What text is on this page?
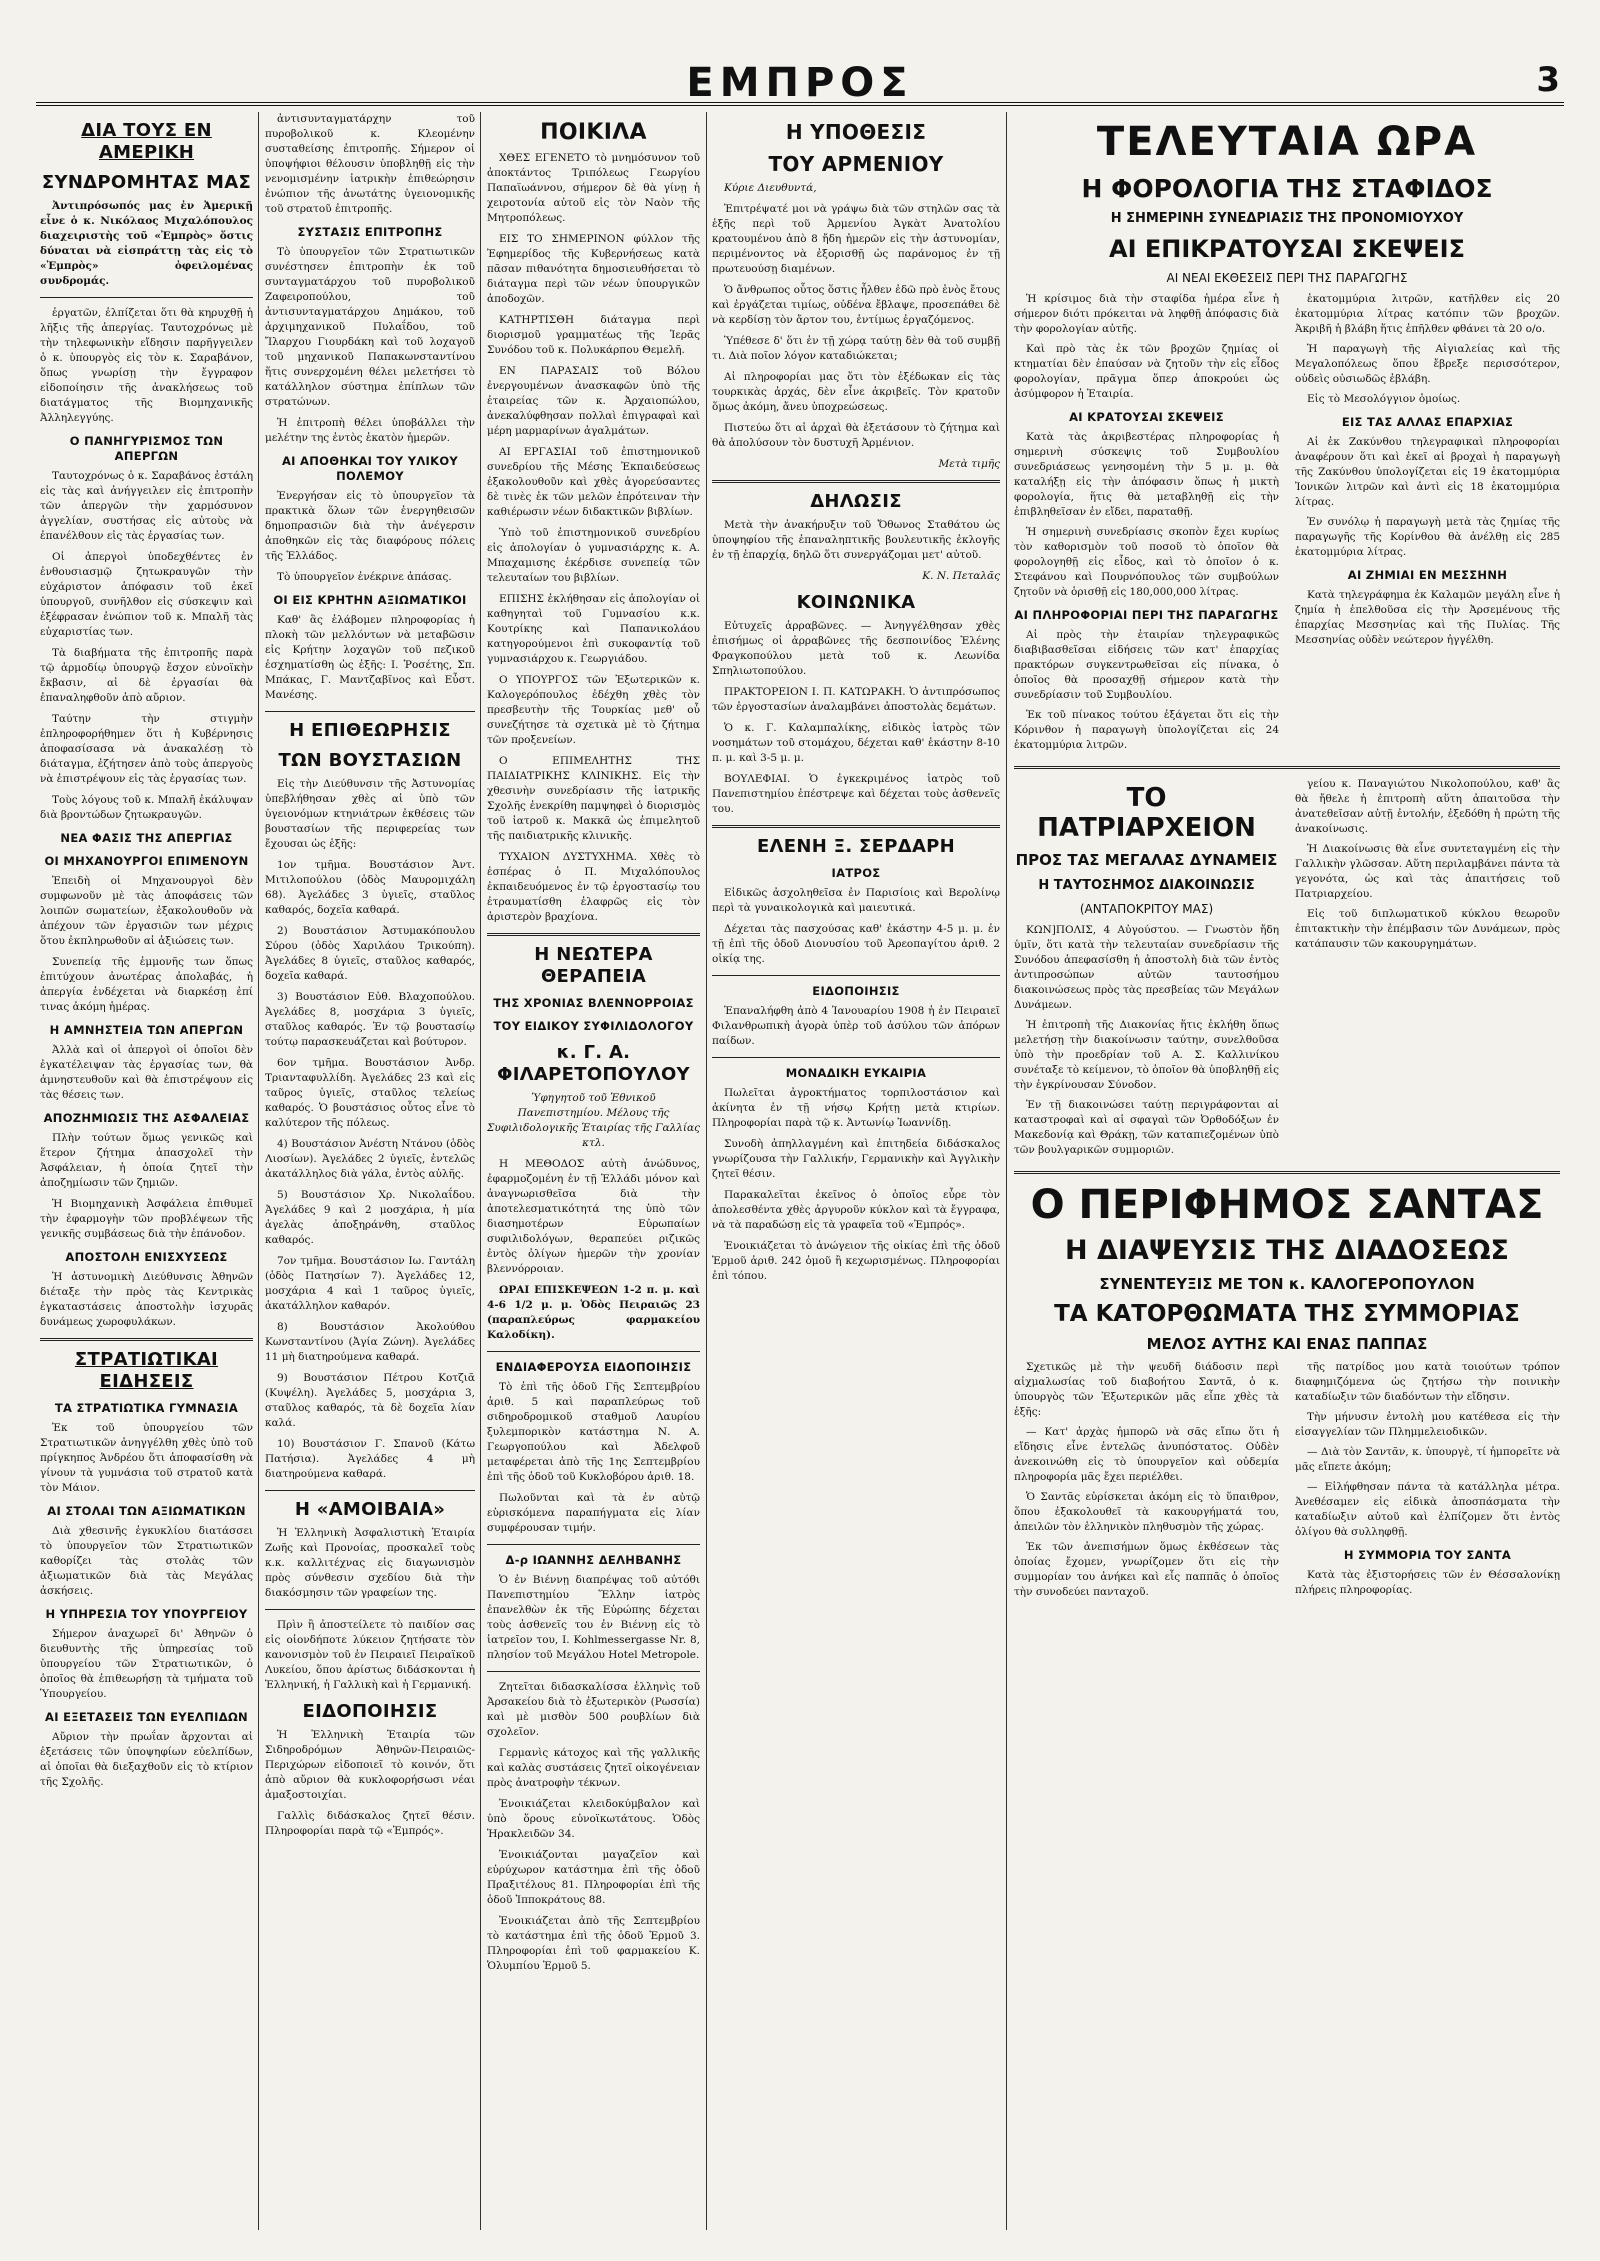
ΕΜΠΡΟΣ	3
ΔΙΑ ΤΟΥΣ ΕΝ ΑΜΕΡΙΚΗ
ΣΥΝΔΡΟΜΗΤΑΣ ΜΑΣ

Ἀντιπρόσωπός μας ἐν Ἀμερικῇ εἶνε ὁ κ. Νικόλαος Μιχαλόπουλος διαχειριστὴς τοῦ «Ἐμπρὸς» ὅστις δύναται νὰ εἰσπράττῃ τὰς εἰς τὸ «Ἐμπρὸς» ὀφειλομένας συνδρομάς.

ἐργατῶν, ἐλπίζεται ὅτι θὰ κηρυχθῇ ἡ λῆξις τῆς ἀπεργίας. Ταυτοχρόνως μὲ τὴν τηλεφωνικὴν εἴδησιν παρῆγγειλεν ὁ κ. ὑπουργὸς εἰς τὸν κ. Σαραβάνον, ὅπως γνωρίσῃ τὴν ἔγγραφον εἰδοποίησιν τῆς ἀνακλήσεως τοῦ διατάγματος τῆς Βιομηχανικῆς Ἀλληλεγγύης.

Ο ΠΑΝΗΓΥΡΙΣΜΟΣ ΤΩΝ ΑΠΕΡΓΩΝ

Ταυτοχρόνως ὁ κ. Σαραβάνος ἐστάλη εἰς τὰς καὶ ἀνήγγειλεν εἰς ἐπιτροπὴν τῶν ἀπεργῶν τὴν χαρμόσυνον ἀγγελίαν, συστήσας εἰς αὐτοὺς νὰ ἐπανέλθουν εἰς τὰς ἐργασίας των.

Οἱ ἀπεργοὶ ὑποδεχθέντες ἐν ἐνθουσιασμῷ ζητωκραυγῶν τὴν εὐχάριστον ἀπόφασιν τοῦ ἐκεῖ ὑπουργοῦ, συνῆλθον εἰς σύσκεψιν καὶ ἐξέφρασαν ἐνώπιον τοῦ κ. Μπαλῆ τὰς εὐχαριστίας των.

Τὰ διαβήματα τῆς ἐπιτροπῆς παρὰ τῷ ἁρμοδίῳ ὑπουργῷ ἔσχον εὐνοϊκὴν ἔκβασιν, αἱ δὲ ἐργασίαι θὰ ἐπαναληφθοῦν ἀπὸ αὔριον.

Ταύτην τὴν στιγμὴν ἐπληροφορήθημεν ὅτι ἡ Κυβέρνησις ἀποφασίσασα νὰ ἀνακαλέσῃ τὸ διάταγμα, ἐζήτησεν ἀπὸ τοὺς ἀπεργοὺς νὰ ἐπιστρέψουν εἰς τὰς ἐργασίας των.

Τοὺς λόγους τοῦ κ. Μπαλῆ ἐκάλυψαν διὰ βροντώδων ζητωκραυγῶν.

ΝΕΑ ΦΑΣΙΣ ΤΗΣ ΑΠΕΡΓΙΑΣ
ΟΙ ΜΗΧΑΝΟΥΡΓΟΙ ΕΠΙΜΕΝΟΥΝ

Ἐπειδὴ οἱ Μηχανουργοὶ δὲν συμφωνοῦν μὲ τὰς ἀποφάσεις τῶν λοιπῶν σωματείων, ἐξακολουθοῦν νὰ ἀπέχουν τῶν ἐργασιῶν των μέχρις ὅτου ἐκπληρωθοῦν αἱ ἀξιώσεις των.

Συνεπείᾳ τῆς ἐμμονῆς των ὅπως ἐπιτύχουν ἀνωτέρας ἀπολαβάς, ἡ ἀπεργία ἐνδέχεται νὰ διαρκέσῃ ἐπί τινας ἀκόμη ἡμέρας.

Η ΑΜΝΗΣΤΕΙΑ ΤΩΝ ΑΠΕΡΓΩΝ

Ἀλλὰ καὶ οἱ ἀπεργοὶ οἱ ὁποῖοι δὲν ἐγκατέλειψαν τὰς ἐργασίας των, θὰ ἀμνηστευθοῦν καὶ θὰ ἐπιστρέψουν εἰς τὰς θέσεις των.

ΑΠΟΖΗΜΙΩΣΙΣ ΤΗΣ ΑΣΦΑΛΕΙΑΣ

Πλὴν τούτων ὅμως γενικῶς καὶ ἕτερον ζήτημα ἀπασχολεῖ τὴν Ἀσφάλειαν, ἡ ὁποία ζητεῖ τὴν ἀποζημίωσιν τῶν ζημιῶν.

Ἡ Βιομηχανικὴ Ἀσφάλεια ἐπιθυμεῖ τὴν ἐφαρμογὴν τῶν προβλέψεων τῆς γενικῆς συμβάσεως διὰ τὴν ἐπάνοδον.

ΑΠΟΣΤΟΛΗ ΕΝΙΣΧΥΣΕΩΣ

Ἡ ἀστυνομικὴ Διεύθυνσις Ἀθηνῶν διέταξε τὴν πρὸς τὰς Κεντρικὰς ἐγκαταστάσεις ἀποστολὴν ἰσχυρᾶς δυνάμεως χωροφυλάκων.

ΣΤΡΑΤΙΩΤΙΚΑΙ ΕΙΔΗΣΕΙΣ
ΤΑ ΣΤΡΑΤΙΩΤΙΚΑ ΓΥΜΝΑΣΙΑ

Ἐκ τοῦ ὑπουργείου τῶν Στρατιωτικῶν ἀνηγγέλθη χθὲς ὑπὸ τοῦ πρίγκηπος Ἀνδρέου ὅτι ἀποφασίσθη νὰ γίνουν τὰ γυμνάσια τοῦ στρατοῦ κατὰ τὸν Μάιον.

ΑΙ ΣΤΟΛΑΙ ΤΩΝ ΑΞΙΩΜΑΤΙΚΩΝ

Διὰ χθεσινῆς ἐγκυκλίου διατάσσει τὸ ὑπουργεῖον τῶν Στρατιωτικῶν καθορίζει τὰς στολὰς τῶν ἀξιωματικῶν διὰ τὰς Μεγάλας ἀσκήσεις.

Η ΥΠΗΡΕΣΙΑ ΤΟΥ ΥΠΟΥΡΓΕΙΟΥ

Σήμερον ἀναχωρεῖ δι' Ἀθηνῶν ὁ διευθυντὴς τῆς ὑπηρεσίας τοῦ ὑπουργείου τῶν Στρατιωτικῶν, ὁ ὁποῖος θὰ ἐπιθεωρήσῃ τὰ τμήματα τοῦ Ὑπουργείου.

ΑΙ ΕΞΕΤΑΣΕΙΣ ΤΩΝ ΕΥΕΛΠΙΔΩΝ

Αὔριον τὴν πρωΐαν ἄρχονται αἱ ἐξετάσεις τῶν ὑποψηφίων εὐελπίδων, αἱ ὁποῖαι θὰ διεξαχθοῦν εἰς τὸ κτίριον τῆς Σχολῆς.

ἀντισυνταγματάρχην τοῦ πυροβολικοῦ κ. Κλεομένην συσταθείσης ἐπιτροπῆς. Σήμερον οἱ ὑποψήφιοι θέλουσιν ὑποβληθῇ εἰς τὴν νενομισμένην ἰατρικὴν ἐπιθεώρησιν ἐνώπιον τῆς ἀνωτάτης ὑγειονομικῆς τοῦ στρατοῦ ἐπιτροπῆς.

ΣΥΣΤΑΣΙΣ ΕΠΙΤΡΟΠΗΣ

Τὸ ὑπουργεῖον τῶν Στρατιωτικῶν συνέστησεν ἐπιτροπὴν ἐκ τοῦ συνταγματάρχου τοῦ πυροβολικοῦ Ζαφειροπούλου, τοῦ ἀντισυνταγματάρχου Δημάκου, τοῦ ἀρχιμηχανικοῦ Πυλαΐδου, τοῦ Ἴλαρχου Γιουρδάκη καὶ τοῦ λοχαγοῦ τοῦ μηχανικοῦ Παπακωνσταντίνου ἥτις συνερχομένη θέλει μελετήσει τὸ κατάλληλον σύστημα ἐπίπλων τῶν στρατώνων.

Ἡ ἐπιτροπὴ θέλει ὑποβάλλει τὴν μελέτην της ἐντὸς ἑκατὸν ἡμερῶν.

ΑΙ ΑΠΟΘΗΚΑΙ ΤΟΥ ΥΛΙΚΟΥ ΠΟΛΕΜΟΥ

Ἐνεργήσαν εἰς τὸ ὑπουργεῖον τὰ πρακτικὰ ὅλων τῶν ἐνεργηθεισῶν δημοπρασιῶν διὰ τὴν ἀνέγερσιν ἀποθηκῶν εἰς τὰς διαφόρους πόλεις τῆς Ἑλλάδος.

Τὸ ὑπουργεῖον ἐνέκρινε ἁπάσας.

ΟΙ ΕΙΣ ΚΡΗΤΗΝ ΑΞΙΩΜΑΤΙΚΟΙ

Καθ' ἃς ἐλάβομεν πληροφορίας ἡ πλοκὴ τῶν μελλόντων νὰ μεταβῶσιν εἰς Κρήτην λοχαγῶν τοῦ πεζικοῦ ἐσχηματίσθη ὡς ἑξῆς: Ι. Ῥοσέτης, Σπ. Μπάκας, Γ. Μαντζαβῖνος καὶ Εὖστ. Μανέσης.

Η ΕΠΙΘΕΩΡΗΣΙΣ
ΤΩΝ ΒΟΥΣΤΑΣΙΩΝ

Εἰς τὴν Διεύθυνσιν τῆς Ἀστυνομίας ὑπεβλήθησαν χθὲς αἱ ὑπὸ τῶν ὑγειονόμων κτηνιάτρων ἐκθέσεις τῶν βουστασίων τῆς περιφερείας των ἔχουσαι ὡς ἑξῆς:

1ον τμῆμα. Βουστάσιον Ἀντ. Μιτιλοπούλου (ὁδὸς Μαυρομιχάλη 68). Ἀγελάδες 3 ὑγιεῖς, σταῦλος καθαρός, δοχεῖα καθαρά.

2) Βουστάσιον Ἀστυμακόπουλου Σύρου (ὁδὸς Χαριλάου Τρικούπη). Ἀγελάδες 8 ὑγιεῖς, σταῦλος καθαρός, δοχεῖα καθαρά.

3) Βουστάσιον Εὐθ. Βλαχοπούλου. Ἀγελάδες 8, μοσχάρια 3 ὑγιεῖς, σταῦλος καθαρός. Ἐν τῷ βουστασίῳ τούτῳ παρασκευάζεται καὶ βούτυρον.

6ον τμῆμα. Βουστάσιον Ἀνδρ. Τριανταφυλλίδη. Ἀγελάδες 23 καὶ εἰς ταῦρος ὑγιεῖς, σταῦλος τελείως καθαρός. Ὁ βουστάσιος οὗτος εἶνε τὸ καλύτερον τῆς πόλεως.

4) Βουστάσιον Ἀνέστη Ντάνου (ὁδὸς Λιοσίων). Ἀγελάδες 2 ὑγιεῖς, ἐντελῶς ἀκατάλληλος διὰ γάλα, ἐντὸς αὐλῆς.

5) Βουστάσιον Χρ. Νικολαΐδου. Ἀγελάδες 9 καὶ 2 μοσχάρια, ἡ μία ἀγελὰς ἀποξηράνθη, σταῦλος καθαρός.

7ον τμῆμα. Βουστάσιον Ιω. Γαντάλη (ὁδὸς Πατησίων 7). Ἀγελάδες 12, μοσχάρια 4 καὶ 1 ταῦρος ὑγιεῖς, ἀκατάλληλον καθαρόν.

8) Βουστάσιον Ἀκολούθου Κωνσταντίνου (Ἀγία Ζώνη). Ἀγελάδες 11 μὴ διατηρούμενα καθαρά.

9) Βουστάσιον Πέτρου Κοτζιᾶ (Κυψέλη). Ἀγελάδες 5, μοσχάρια 3, σταῦλος καθαρός, τὰ δὲ δοχεῖα λίαν καλά.

10) Βουστάσιον Γ. Σπανοῦ (Κάτω Πατήσια). Ἀγελάδες 4 μὴ διατηρούμενα καθαρά.

Η «ΑΜΟΙΒΑΙΑ»

Ἡ Ἑλληνικὴ Ἀσφαλιστικὴ Ἑταιρία Ζωῆς καὶ Προνοίας, προσκαλεῖ τοὺς κ.κ. καλλιτέχνας εἰς διαγωνισμὸν πρὸς σύνθεσιν σχεδίου διὰ τὴν διακόσμησιν τῶν γραφείων της.

Πρὶν ἢ ἀποστείλετε τὸ παιδίον σας εἰς οἱονδήποτε λύκειον ζητήσατε τὸν κανονισμὸν τοῦ ἐν Πειραιεῖ Πειραϊκοῦ Λυκείου, ὅπου ἀρίστως διδάσκονται ἡ Ἑλληνική, ἡ Γαλλικὴ καὶ ἡ Γερμανική.

ΕΙΔΟΠΟΙΗΣΙΣ

Ἡ Ἑλληνικὴ Ἑταιρία τῶν Σιδηροδρόμων Ἀθηνῶν-Πειραιῶς-Περιχώρων εἰδοποιεῖ τὸ κοινόν, ὅτι ἀπὸ αὔριον θὰ κυκλοφορήσωσι νέαι ἁμαξοστοιχίαι.

Γαλλὶς διδάσκαλος ζητεῖ θέσιν. Πληροφορίαι παρὰ τῷ «Ἐμπρός».

ΠΟΙΚΙΛΑ

ΧΘΕΣ ΕΓΕΝΕΤΟ τὸ μνημόσυνον τοῦ ἀποκτάντος Τριπόλεως Γεωργίου Παπαϊωάννου, σήμερον δὲ θὰ γίνῃ ἡ χειροτονία αὐτοῦ εἰς τὸν Ναὸν τῆς Μητροπόλεως.

ΕΙΣ ΤΟ ΣΗΜΕΡΙΝΟΝ φύλλον τῆς Ἐφημερίδος τῆς Κυβερνήσεως κατὰ πᾶσαν πιθανότητα δημοσιευθήσεται τὸ διάταγμα περὶ τῶν νέων ὑπουργικῶν ἀποδοχῶν.

ΚΑΤΗΡΤΙΣΘΗ διάταγμα περὶ διορισμοῦ γραμματέως τῆς Ἱερᾶς Συνόδου τοῦ κ. Πολυκάρπου Θεμελῆ.

ΕΝ ΠΑΡΑΣΑΙΣ τοῦ Βόλου ἐνεργουμένων ἀνασκαφῶν ὑπὸ τῆς ἐταιρείας τῶν κ. Ἀρχαιοπώλου, ἀνεκαλύφθησαν πολλαὶ ἐπιγραφαὶ καὶ μέρη μαρμαρίνων ἀγαλμάτων.

ΑΙ ΕΡΓΑΣΙΑΙ τοῦ ἐπιστημονικοῦ συνεδρίου τῆς Μέσης Ἐκπαιδεύσεως ἐξακολουθοῦν καὶ χθὲς ἀγορεύσαντες δὲ τινὲς ἐκ τῶν μελῶν ἐπρότειναν τὴν καθιέρωσιν νέων διδακτικῶν βιβλίων.

Ὑπὸ τοῦ ἐπιστημονικοῦ συνεδρίου εἰς ἀπολογίαν ὁ γυμνασιάρχης κ. Α. Μπαχαμισης ἐκέρδισε συνεπείᾳ τῶν τελευταίων του βιβλίων.

ΕΠΙΣΗΣ ἐκλήθησαν εἰς ἀπολογίαν οἱ καθηγηταὶ τοῦ Γυμνασίου κ.κ. Κουτρίκης καὶ Παπανικολάου κατηγορούμενοι ἐπὶ συκοφαντίᾳ τοῦ γυμνασιάρχου κ. Γεωργιάδου.

Ο ΥΠΟΥΡΓΟΣ τῶν Ἐξωτερικῶν κ. Καλογερόπουλος ἐδέχθη χθὲς τὸν πρεσβευτὴν τῆς Τουρκίας μεθ' οὗ συνεζήτησε τὰ σχετικὰ μὲ τὸ ζήτημα τῶν προξενείων.

Ο ΕΠΙΜΕΛΗΤΗΣ ΤΗΣ ΠΑΙΔΙΑΤΡΙΚΗΣ ΚΛΙΝΙΚΗΣ. Εἰς τὴν χθεσινὴν συνεδρίασιν τῆς ἰατρικῆς Σχολῆς ἐνεκρίθη παμψηφεὶ ὁ διορισμὸς τοῦ ἰατροῦ κ. Μακκᾶ ὡς ἐπιμελητοῦ τῆς παιδιατρικῆς κλινικῆς.

ΤΥΧΑΙΟΝ ΔΥΣΤΥΧΗΜΑ. Χθὲς τὸ ἑσπέρας ὁ Π. Μιχαλόπουλος ἐκπαιδευόμενος ἐν τῷ ἐργοστασίῳ του ἐτραυματίσθη ἐλαφρῶς εἰς τὸν ἀριστερὸν βραχίονα.

Η ΝΕΩΤΕΡΑ ΘΕΡΑΠΕΙΑ
ΤΗΣ ΧΡΟΝΙΑΣ ΒΛΕΝΝΟΡΡΟΙΑΣ
ΤΟΥ ΕΙΔΙΚΟΥ ΣΥΦΙΛΙΔΟΛΟΓΟΥ
κ. Γ. Α. ΦΙΛΑΡΕΤΟΠΟΥΛΟΥ

Ὑφηγητοῦ τοῦ Ἐθνικοῦ Πανεπιστημίου. Μέλους τῆς Συφιλιδολογικῆς Ἑταιρίας τῆς Γαλλίας κτλ.

Η ΜΕΘΟΔΟΣ αὐτὴ ἀνώδυνος, ἐφαρμοζομένη ἐν τῇ Ἑλλάδι μόνον καὶ ἀναγνωρισθεῖσα διὰ τὴν ἀποτελεσματικότητά της ὑπὸ τῶν διασημοτέρων Εὐρωπαίων συφιλιδολόγων, θεραπεύει ριζικῶς ἐντὸς ὀλίγων ἡμερῶν τὴν χρονίαν βλεννόρροιαν.

ΩΡΑΙ ΕΠΙΣΚΕΨΕΩΝ 1-2 π. μ. καὶ 4-6 1/2 μ. μ. Ὁδὸς Πειραιῶς 23 (παραπλεύρως φαρμακείου Καλοδίκη).

ΕΝΔΙΑΦΕΡΟΥΣΑ ΕΙΔΟΠΟΙΗΣΙΣ

Τὸ ἐπὶ τῆς ὁδοῦ Γῆς Σεπτεμβρίου ἀριθ. 5 καὶ παραπλεύρως τοῦ σιδηροδρομικοῦ σταθμοῦ Λαυρίου ξυλεμπορικὸν κατάστημα Ν. Α. Γεωργοπούλου καὶ Ἀδελφοῦ μεταφέρεται ἀπὸ τῆς 1ης Σεπτεμβρίου ἐπὶ τῆς ὁδοῦ τοῦ Κυκλοβόρου ἀριθ. 18.

Πωλοῦνται καὶ τὰ ἐν αὐτῷ εὑρισκόμενα παραπήγματα εἰς λίαν συμφέρουσαν τιμήν.

Δ-ρ ΙΩΑΝΝΗΣ ΔΕΛΗΒΑΝΗΣ

Ὁ ἐν Βιέννῃ διαπρέψας τοῦ αὐτόθι Πανεπιστημίου Ἕλλην ἰατρὸς ἐπανελθὼν ἐκ τῆς Εὐρώπης δέχεται τοὺς ἀσθενεῖς του ἐν Βιέννῃ εἰς τὸ ἰατρεῖον του, I. Kohlmessergasse Nr. 8, πλησίον τοῦ Μεγάλου Hotel Metropole.

Ζητεῖται διδασκαλίσσα ἑλληνὶς τοῦ Ἀρσακείου διὰ τὸ ἐξωτερικὸν (Ρωσσία) καὶ μὲ μισθὸν 500 ρουβλίων διὰ σχολεῖον.

Γερμανὶς κάτοχος καὶ τῆς γαλλικῆς καὶ καλὰς συστάσεις ζητεῖ οἰκογένειαν πρὸς ἀνατροφὴν τέκνων.

Ἐνοικιάζεται κλειδοκύμβαλον καὶ ὑπὸ ὅρους εὐνοϊκωτάτους. Ὁδὸς Ἡρακλειδῶν 34.

Ἐνοικιάζονται μαγαζεῖον καὶ εὐρύχωρον κατάστημα ἐπὶ τῆς ὁδοῦ Πραξιτέλους 81. Πληροφορίαι ἐπὶ τῆς ὁδοῦ Ἱπποκράτους 88.

Ἐνοικιάζεται ἀπὸ τῆς Σεπτεμβρίου τὸ κατάστημα ἐπὶ τῆς ὁδοῦ Ἑρμοῦ 3. Πληροφορίαι ἐπὶ τοῦ φαρμακείου Κ. Ὁλυμπίου Ἑρμοῦ 5.

Η ΥΠΟΘΕΣΙΣ
ΤΟΥ ΑΡΜΕΝΙΟΥ

Κύριε Διευθυντά,

Ἐπιτρέψατέ μοι νὰ γράψω διὰ τῶν στηλῶν σας τὰ ἑξῆς περὶ τοῦ Ἀρμενίου Ἀγκὰτ Ἀνατολίου κρατουμένου ἀπὸ 8 ἤδη ἡμερῶν εἰς τὴν ἀστυνομίαν, περιμένοντος νὰ ἐξορισθῇ ὡς παράνομος ἐν τῇ πρωτευούσῃ διαμένων.

Ὁ ἄνθρωπος οὗτος ὅστις ἦλθεν ἐδῶ πρὸ ἑνὸς ἔτους καὶ ἐργάζεται τιμίως, οὐδένα ἔβλαψε, προσεπάθει δὲ νὰ κερδίσῃ τὸν ἄρτον του, ἐντίμως ἐργαζόμενος.

Ὑπέθεσε δ' ὅτι ἐν τῇ χώρᾳ ταύτῃ δὲν θὰ τοῦ συμβῇ τι. Διὰ ποῖον λόγον καταδιώκεται;

Αἱ πληροφορίαι μας ὅτι τὸν ἐξέδωκαν εἰς τὰς τουρκικὰς ἀρχάς, δὲν εἶνε ἀκριβεῖς. Τὸν κρατοῦν ὅμως ἀκόμη, ἄνευ ὑποχρεώσεως.

Πιστεύω ὅτι αἱ ἀρχαὶ θὰ ἐξετάσουν τὸ ζήτημα καὶ θὰ ἀπολύσουν τὸν δυστυχῆ Ἀρμένιον.

Μετὰ τιμῆς
ΔΗΛΩΣΙΣ

Μετὰ τὴν ἀνακήρυξιν τοῦ Ὄθωνος Σταθάτου ὡς ὑποψηφίου τῆς ἐπαναληπτικῆς βουλευτικῆς ἐκλογῆς ἐν τῇ ἐπαρχίᾳ, δηλῶ ὅτι συνεργάζομαι μετ' αὐτοῦ.

Κ. Ν. Πεταλᾶς
ΚΟΙΝΩΝΙΚΑ

Εὐτυχεῖς ἀρραβῶνες. — Ἀνηγγέλθησαν χθὲς ἐπισήμως οἱ ἀρραβῶνες τῆς δεσποινίδος Ἑλένης Φραγκοπούλου μετὰ τοῦ κ. Λεωνίδα Σπηλιωτοπούλου.

ΠΡΑΚΤΟΡΕΙΟΝ Ι. Π. ΚΑΤΩΡΑΚΗ. Ὁ ἀντιπρόσωπος τῶν ἐργοστασίων ἀναλαμβάνει ἀποστολὰς δεμάτων.

Ὁ κ. Γ. Καλαμπαλίκης, εἰδικὸς ἰατρὸς τῶν νοσημάτων τοῦ στομάχου, δέχεται καθ' ἑκάστην 8-10 π. μ. καὶ 3-5 μ. μ.

ΒΟΥΛΕΦΙΑΙ. Ὁ ἐγκεκριμένος ἰατρὸς τοῦ Πανεπιστημίου ἐπέστρεψε καὶ δέχεται τοὺς ἀσθενεῖς του.

ΕΛΕΝΗ Ξ. ΣΕΡΔΑΡΗ
ΙΑΤΡΟΣ

Εἰδικῶς ἀσχοληθεῖσα ἐν Παρισίοις καὶ Βερολίνῳ περὶ τὰ γυναικολογικὰ καὶ μαιευτικά.

Δέχεται τὰς πασχούσας καθ' ἑκάστην 4-5 μ. μ. ἐν τῇ ἐπὶ τῆς ὁδοῦ Διονυσίου τοῦ Ἀρεοπαγίτου ἀριθ. 2 οἰκίᾳ της.

ΕΙΔΟΠΟΙΗΣΙΣ

Ἐπαναλήφθη ἀπὸ 4 Ἰανουαρίου 1908 ἡ ἐν Πειραιεῖ Φιλανθρωπικὴ ἀγορὰ ὑπὲρ τοῦ ἀσύλου τῶν ἀπόρων παίδων.

ΜΟΝΑΔΙΚΗ ΕΥΚΑΙΡΙΑ

Πωλεῖται ἀγροκτήματος τορπιλοστάσιον καὶ ἀκίνητα ἐν τῇ νήσῳ Κρήτῃ μετὰ κτιρίων. Πληροφορίαι παρὰ τῷ κ. Ἀντωνίῳ Ἰωαννίδῃ.

Συνοδὴ ἀπηλλαγμένη καὶ ἐπιτηδεία διδάσκαλος γνωρίζουσα τὴν Γαλλικήν, Γερμανικὴν καὶ Ἀγγλικὴν ζητεῖ θέσιν.

Παρακαλεῖται ἐκεῖνος ὁ ὁποῖος εὗρε τὸν ἀπολεσθέντα χθὲς ἀργυροῦν κύκλον καὶ τὰ ἔγγραφα, νὰ τὰ παραδώσῃ εἰς τὰ γραφεῖα τοῦ «Ἐμπρός».

Ἐνοικιάζεται τὸ ἀνώγειον τῆς οἰκίας ἐπὶ τῆς ὁδοῦ Ἑρμοῦ ἀριθ. 242 ὁμοῦ ἢ κεχωρισμένως. Πληροφορίαι ἐπὶ τόπου.

ΤΕΛΕΥΤΑΙΑ ΩΡΑ
Η ΦΟΡΟΛΟΓΙΑ ΤΗΣ ΣΤΑΦΙΔΟΣ
Η ΣΗΜΕΡΙΝΗ ΣΥΝΕΔΡΙΑΣΙΣ ΤΗΣ ΠΡΟΝΟΜΙΟΥΧΟΥ
ΑΙ ΕΠΙΚΡΑΤΟΥΣΑΙ ΣΚΕΨΕΙΣ
ΑΙ ΝΕΑΙ ΕΚΘΕΣΕΙΣ ΠΕΡΙ ΤΗΣ ΠΑΡΑΓΩΓΗΣ

Ἡ κρίσιμος διὰ τὴν σταφίδα ἡμέρα εἶνε ἡ σήμερον διότι πρόκειται νὰ ληφθῇ ἀπόφασις διὰ τὴν φορολογίαν αὐτῆς.

Καὶ πρὸ τὰς ἐκ τῶν βροχῶν ζημίας οἱ κτηματίαι δὲν ἐπαύσαν νὰ ζητοῦν τὴν εἰς εἶδος φορολογίαν, πρᾶγμα ὅπερ ἀποκρούει ὡς ἀσύμφορον ἡ Ἑταιρία.

ΑΙ ΚΡΑΤΟΥΣΑΙ ΣΚΕΨΕΙΣ

Κατὰ τὰς ἀκριβεστέρας πληροφορίας ἡ σημερινὴ σύσκεψις τοῦ Συμβουλίου συνεδριάσεως γενησομένη τὴν 5 μ. μ. θὰ καταλήξῃ εἰς τὴν ἀπόφασιν ὅπως ἡ μικτὴ φορολογία, ἥτις θὰ μεταβληθῇ εἰς τὴν ἐπιβληθεῖσαν ἐν εἴδει, παραταθῇ.

Ἡ σημερινὴ συνεδρίασις σκοπὸν ἔχει κυρίως τὸν καθορισμὸν τοῦ ποσοῦ τὸ ὁποῖον θὰ φορολογηθῇ εἰς εἶδος, καὶ τὸ ὁποῖον ὁ κ. Στεφάνου καὶ Πουρνόπουλος τῶν συμβούλων ζητοῦν νὰ ὁρισθῇ εἰς 180,000,000 λίτρας.

ΑΙ ΠΛΗΡΟΦΟΡΙΑΙ ΠΕΡΙ ΤΗΣ ΠΑΡΑΓΩΓΗΣ

Αἱ πρὸς τὴν ἑταιρίαν τηλεγραφικῶς διαβιβασθεῖσαι εἰδήσεις τῶν κατ' ἐπαρχίας πρακτόρων συγκεντρωθεῖσαι εἰς πίνακα, ὁ ὁποῖος θὰ προσαχθῇ σήμερον κατὰ τὴν συνεδρίασιν τοῦ Συμβουλίου.

Ἐκ τοῦ πίνακος τούτου ἐξάγεται ὅτι εἰς τὴν Κόρινθον ἡ παραγωγὴ ὑπολογίζεται εἰς 24 ἑκατομμύρια λιτρῶν.

ἑκατομμύρια λιτρῶν, κατῆλθεν εἰς 20 ἑκατομμύρια λίτρας κατόπιν τῶν βροχῶν. Ἀκριβῆ ἡ βλάβη ἥτις ἐπῆλθεν φθάνει τὰ 20 ο/ο.

Ἡ παραγωγὴ τῆς Αἰγιαλείας καὶ τῆς Μεγαλοπόλεως ὅπου ἔβρεξε περισσότερον, οὐδεὶς οὐσιωδῶς ἐβλάβη.

Εἰς τὸ Μεσολόγγιον ὁμοίως.

ΕΙΣ ΤΑΣ ΑΛΛΑΣ ΕΠΑΡΧΙΑΣ

Αἱ ἐκ Ζακύνθου τηλεγραφικαὶ πληροφορίαι ἀναφέρουν ὅτι καὶ ἐκεῖ αἱ βροχαὶ ἡ παραγωγὴ τῆς Ζακύνθου ὑπολογίζεται εἰς 19 ἑκατομμύρια Ἰονικῶν λιτρῶν καὶ ἀντὶ εἰς 18 ἑκατομμύρια λίτρας.

Ἐν συνόλῳ ἡ παραγωγὴ μετὰ τὰς ζημίας τῆς παραγωγῆς τῆς Κορίνθου θὰ ἀνέλθῃ εἰς 285 ἑκατομμύρια λίτρας.

ΑΙ ΖΗΜΙΑΙ ΕΝ ΜΕΣΣΗΝΗ

Κατὰ τηλεγράφημα ἐκ Καλαμῶν μεγάλη εἶνε ἡ ζημία ἡ ἐπελθοῦσα εἰς τὴν Ἀρσεμένους τῆς ἐπαρχίας Μεσσηνίας καὶ τῆς Πυλίας. Τῆς Μεσσηνίας οὐδὲν νεώτερον ἠγγέλθη.

ΤΟ ΠΑΤΡΙΑΡΧΕΙΟΝ
ΠΡΟΣ ΤΑΣ ΜΕΓΑΛΑΣ ΔΥΝΑΜΕΙΣ
Η ΤΑΥΤΟΣΗΜΟΣ ΔΙΑΚΟΙΝΩΣΙΣ
(ΑΝΤΑΠΟΚΡΙΤΟΥ ΜΑΣ)

ΚΩΝ]ΠΟΛΙΣ, 4 Αὐγούστου. — Γνωστὸν ἤδη ὑμῖν, ὅτι κατὰ τὴν τελευταίαν συνεδρίασιν τῆς Συνόδου ἀπεφασίσθη ἡ ἀποστολὴ διὰ τῶν ἐντὸς ἀντιπροσώπων αὐτῶν ταυτοσήμου διακοινώσεως πρὸς τὰς πρεσβείας τῶν Μεγάλων Δυνάμεων.

Ἡ ἐπιτροπὴ τῆς Διακονίας ἥτις ἐκλήθη ὅπως μελετήσῃ τὴν διακοίνωσιν ταύτην, συνελθοῦσα ὑπὸ τὴν προεδρίαν τοῦ Α. Σ. Καλλινίκου συνέταξε τὸ κείμενον, τὸ ὁποῖον θὰ ὑποβληθῇ εἰς τὴν ἐγκρίνουσαν Σύνοδον.

Ἐν τῇ διακοινώσει ταύτῃ περιγράφονται αἱ καταστροφαὶ καὶ αἱ σφαγαὶ τῶν Ὀρθοδόξων ἐν Μακεδονίᾳ καὶ Θράκῃ, τῶν καταπιεζομένων ὑπὸ τῶν βουλγαρικῶν συμμοριῶν.

γείου κ. Παναγιώτου Νικολοπούλου, καθ' ἃς θὰ ἤθελε ἡ ἐπιτροπὴ αὕτη ἀπαιτοῦσα τὴν ἀνατεθεῖσαν αὐτῇ ἐντολήν, ἐξεδόθη ἡ πρώτη τῆς ἀνακοίνωσις.

Ἡ Διακοίνωσις θὰ εἶνε συντεταγμένη εἰς τὴν Γαλλικὴν γλῶσσαν. Αὕτη περιλαμβάνει πάντα τὰ γεγονότα, ὡς καὶ τὰς ἀπαιτήσεις τοῦ Πατριαρχείου.

Εἰς τοῦ διπλωματικοῦ κύκλου θεωροῦν ἐπιτακτικὴν τὴν ἐπέμβασιν τῶν Δυνάμεων, πρὸς κατάπαυσιν τῶν κακουργημάτων.

Ο ΠΕΡΙΦΗΜΟΣ ΣΑΝΤΑΣ
Η ΔΙΑΨΕΥΣΙΣ ΤΗΣ ΔΙΑΔΟΣΕΩΣ
ΣΥΝΕΝΤΕΥΞΙΣ ΜΕ ΤΟΝ κ. ΚΑΛΟΓΕΡΟΠΟΥΛΟΝ
ΤΑ ΚΑΤΟΡΘΩΜΑΤΑ ΤΗΣ ΣΥΜΜΟΡΙΑΣ
ΜΕΛΟΣ ΑΥΤΗΣ ΚΑΙ ΕΝΑΣ ΠΑΠΠΑΣ

Σχετικῶς μὲ τὴν ψευδῆ διάδοσιν περὶ αἰχμαλωσίας τοῦ διαβοήτου Σαντᾶ, ὁ κ. ὑπουργὸς τῶν Ἐξωτερικῶν μᾶς εἶπε χθὲς τὰ ἑξῆς:

— Κατ' ἀρχὰς ἠμπορῶ νὰ σᾶς εἴπω ὅτι ἡ εἴδησις εἶνε ἐντελῶς ἀνυπόστατος. Οὐδὲν ἀνεκοινώθη εἰς τὸ ὑπουργεῖον καὶ οὐδεμία πληροφορία μᾶς ἔχει περιέλθει.

Ὁ Σαντᾶς εὑρίσκεται ἀκόμη εἰς τὸ ὕπαιθρον, ὅπου ἐξακολουθεῖ τὰ κακουργήματά του, ἀπειλῶν τὸν ἑλληνικὸν πληθυσμὸν τῆς χώρας.

Ἐκ τῶν ἀνεπισήμων ὅμως ἐκθέσεων τὰς ὁποίας ἔχομεν, γνωρίζομεν ὅτι εἰς τὴν συμμορίαν του ἀνήκει καὶ εἷς παππᾶς ὁ ὁποῖος τὴν συνοδεύει πανταχοῦ.

τῆς πατρίδος μου κατὰ τοιούτων τρόπον διαφημιζόμενα ὡς ζητήσω τὴν ποινικὴν καταδίωξιν τῶν διαδόντων τὴν εἴδησιν.

Τὴν μήνυσιν ἐντολὴ μου κατέθεσα εἰς τὴν εἰσαγγελίαν τῶν Πλημμελειοδικῶν.

— Διὰ τὸν Σαντᾶν, κ. ὑπουργὲ, τί ἠμπορεῖτε νὰ μᾶς εἴπετε ἀκόμη;

— Εἰλήφθησαν πάντα τὰ κατάλληλα μέτρα. Ἀνεθέσαμεν εἰς εἰδικὰ ἀποσπάσματα τὴν καταδίωξιν αὐτοῦ καὶ ἐλπίζομεν ὅτι ἐντὸς ὀλίγου θὰ συλληφθῇ.

Η ΣΥΜΜΟΡΙΑ ΤΟΥ ΣΑΝΤΑ

Κατὰ τὰς ἐξιστορήσεις τῶν ἐν Θέσσαλονίκῃ πλήρεις πληροφορίας.
